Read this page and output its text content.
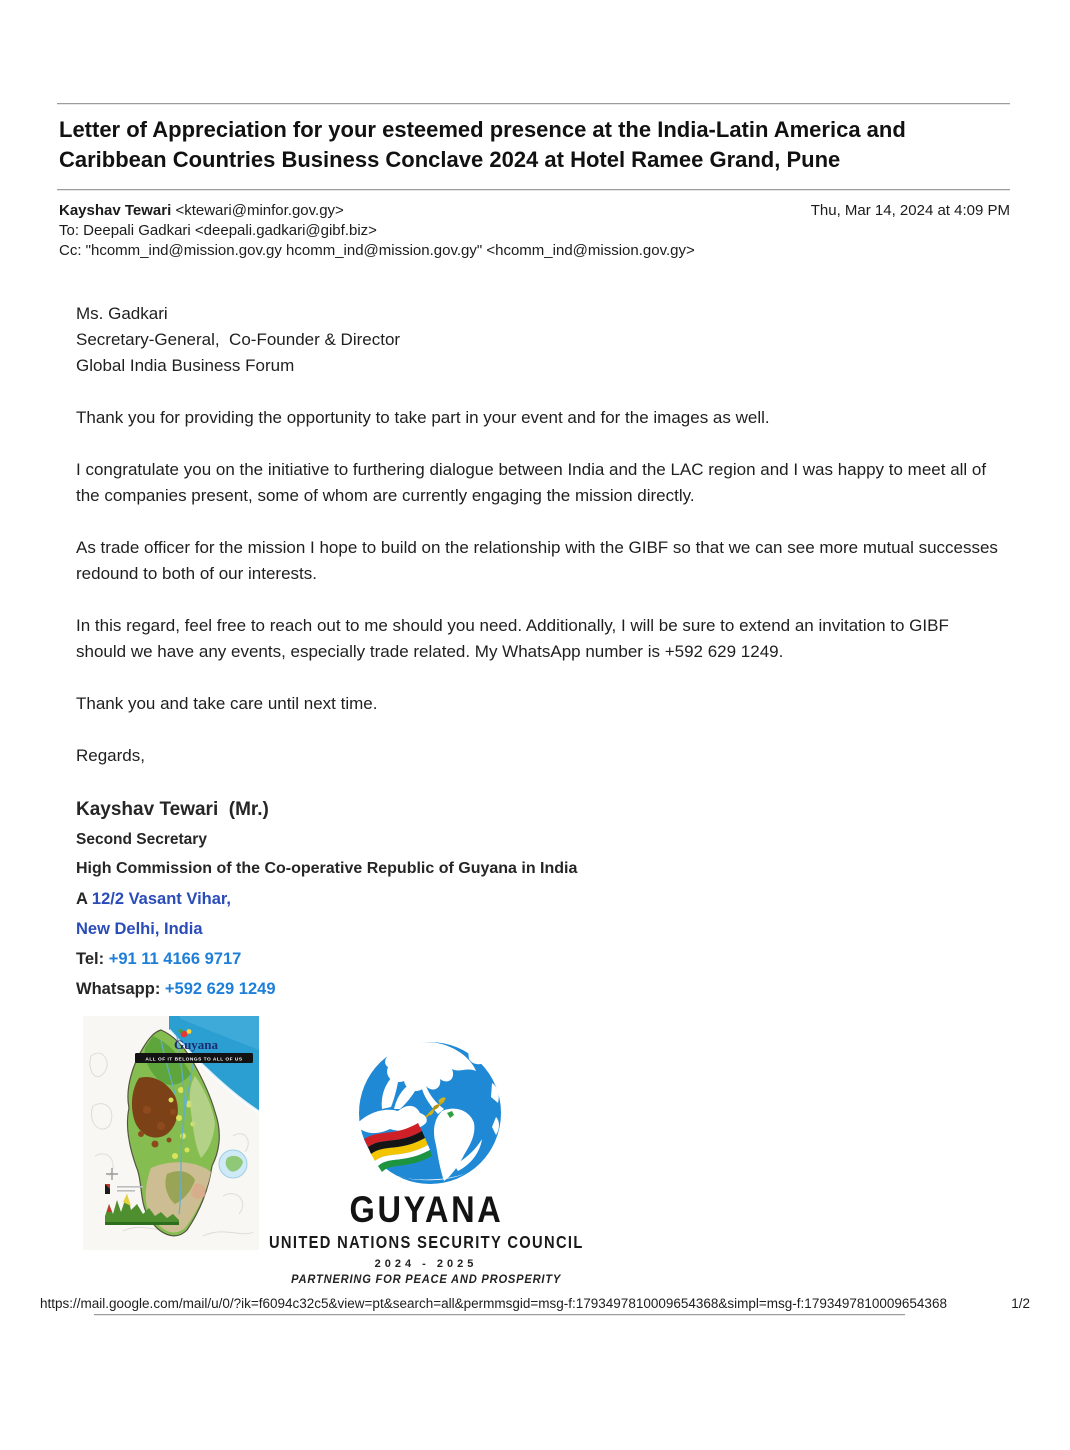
Letter of Appreciation for your esteemed presence at the India-Latin America and Caribbean Countries Business Conclave 2024 at Hotel Ramee Grand, Pune
Kayshav Tewari <ktewari@minfor.gov.gy>
To: Deepali Gadkari <deepali.gadkari@gibf.biz>
Cc: "hcomm_ind@mission.gov.gy hcomm_ind@mission.gov.gy" <hcomm_ind@mission.gov.gy>
Thu, Mar 14, 2024 at 4:09 PM
Ms. Gadkari
Secretary-General,  Co-Founder & Director
Global India Business Forum

Thank you for providing the opportunity to take part in your event and for the images as well.

I congratulate you on the initiative to furthering dialogue between India and the LAC region and I was happy to meet all of the companies present, some of whom are currently engaging the mission directly.

As trade officer for the mission I hope to build on the relationship with the GIBF so that we can see more mutual successes redound to both of our interests.

In this regard, feel free to reach out to me should you need. Additionally, I will be sure to extend an invitation to GIBF should we have any events, especially trade related. My WhatsApp number is +592 629 1249.

Thank you and take care until next time.

Regards,

Kayshav Tewari  (Mr.)
Second Secretary
High Commission of the Co-operative Republic of Guyana in India
A 12/2 Vasant Vihar,
New Delhi, India
Tel: +91 11 4166 9717
Whatsapp: +592 629 1249
Guyana
ALL OF IT BELONGS TO ALL OF US
GUYANA
UNITED NATIONS SECURITY COUNCIL
2024 - 2025
PARTNERING FOR PEACE AND PROSPERITY
https://mail.google.com/mail/u/0/?ik=f6094c32c5&view=pt&search=all&permmsgid=msg-f:1793497810009654368&simpl=msg-f:1793497810009654368	1/2
